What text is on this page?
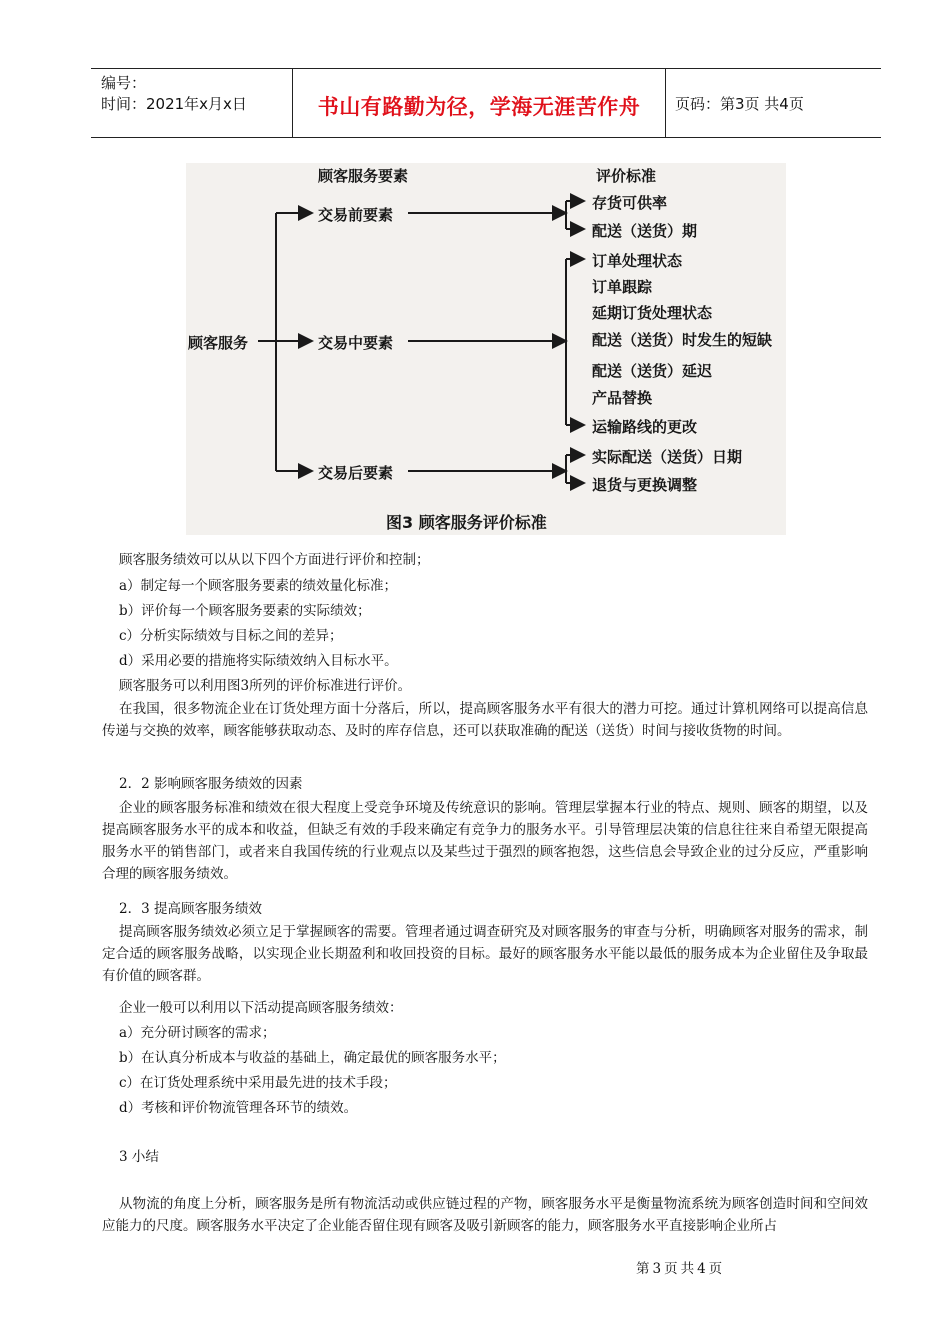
编号：
时间：2021年x月x日	书山有路勤为径，学海无涯苦作舟	页码：第3页 共4页
顾客服务要素	评价标准
顾客服务
交易前要素
交易中要素
交易后要素
存货可供率
配送（送货）期
订单处理状态
订单跟踪
延期订货处理状态
配送（送货）时发生的短缺
配送（送货）延迟
产品替换
运输路线的更改
实际配送（送货）日期
退货与更换调整
图3 顾客服务评价标准
顾客服务绩效可以从以下四个方面进行评价和控制；
a）制定每一个顾客服务要素的绩效量化标准；
b）评价每一个顾客服务要素的实际绩效；
c）分析实际绩效与目标之间的差异；
d）采用必要的措施将实际绩效纳入目标水平。
顾客服务可以利用图3所列的评价标准进行评价。
在我国，很多物流企业在订货处理方面十分落后，所以，提高顾客服务水平有很大的潜力可挖。通过计算机网络可以提高信息传递与交换的效率，顾客能够获取动态、及时的库存信息，还可以获取准确的配送（送货）时间与接收货物的时间。
2．2 影响顾客服务绩效的因素
企业的顾客服务标准和绩效在很大程度上受竞争环境及传统意识的影响。管理层掌握本行业的特点、规则、顾客的期望，以及提高顾客服务水平的成本和收益，但缺乏有效的手段来确定有竞争力的服务水平。引导管理层决策的信息往往来自希望无限提高服务水平的销售部门，或者来自我国传统的行业观点以及某些过于强烈的顾客抱怨，这些信息会导致企业的过分反应，严重影响合理的顾客服务绩效。
2．3 提高顾客服务绩效
提高顾客服务绩效必须立足于掌握顾客的需要。管理者通过调查研究及对顾客服务的审查与分析，明确顾客对服务的需求，制定合适的顾客服务战略，以实现企业长期盈利和收回投资的目标。最好的顾客服务水平能以最低的服务成本为企业留住及争取最有价值的顾客群。
企业一般可以利用以下活动提高顾客服务绩效：
a）充分研讨顾客的需求；
b）在认真分析成本与收益的基础上，确定最优的顾客服务水平；
c）在订货处理系统中采用最先进的技术手段；
d）考核和评价物流管理各环节的绩效。
3 小结
从物流的角度上分析，顾客服务是所有物流活动或供应链过程的产物，顾客服务水平是衡量物流系统为顾客创造时间和空间效应能力的尺度。顾客服务水平决定了企业能否留住现有顾客及吸引新顾客的能力，顾客服务水平直接影响企业所占
第3页共4页
